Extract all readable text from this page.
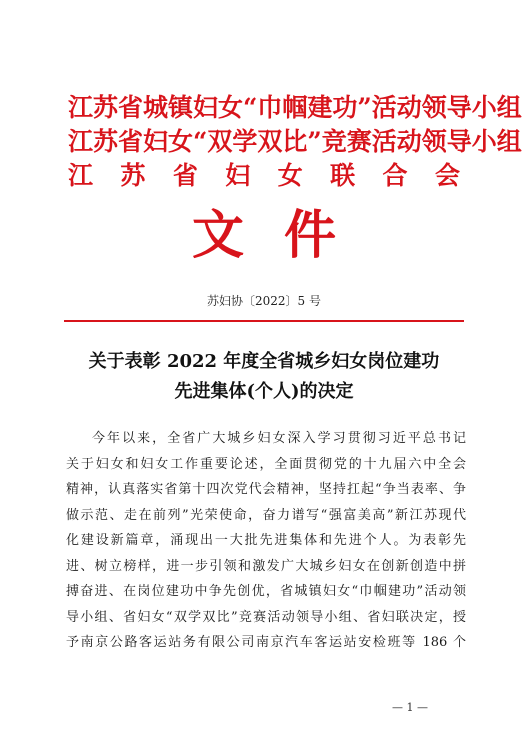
江苏省城镇妇女“巾帼建功”活动领导小组
江苏省妇女“双学双比”竞赛活动领导小组
江 苏 省 妇 女 联 合 会
文件
苏妇协〔2022〕5 号
关于表彰 2022 年度全省城乡妇女岗位建功
先进集体(个人)的决定
今年以来，全省广大城乡妇女深入学习贯彻习近平总书记
关于妇女和妇女工作重要论述，全面贯彻党的十九届六中全会
精神，认真落实省第十四次党代会精神，坚持扛起“争当表率、争
做示范、走在前列”光荣使命，奋力谱写“强富美高”新江苏现代
化建设新篇章，涌现出一大批先进集体和先进个人。为表彰先
进、树立榜样，进一步引领和激发广大城乡妇女在创新创造中拼
搏奋进、在岗位建功中争先创优，省城镇妇女“巾帼建功”活动领
导小组、省妇女“双学双比”竞赛活动领导小组、省妇联决定，授
予南京公路客运站务有限公司南京汽车客运站安检班等 186 个
— 1 —
